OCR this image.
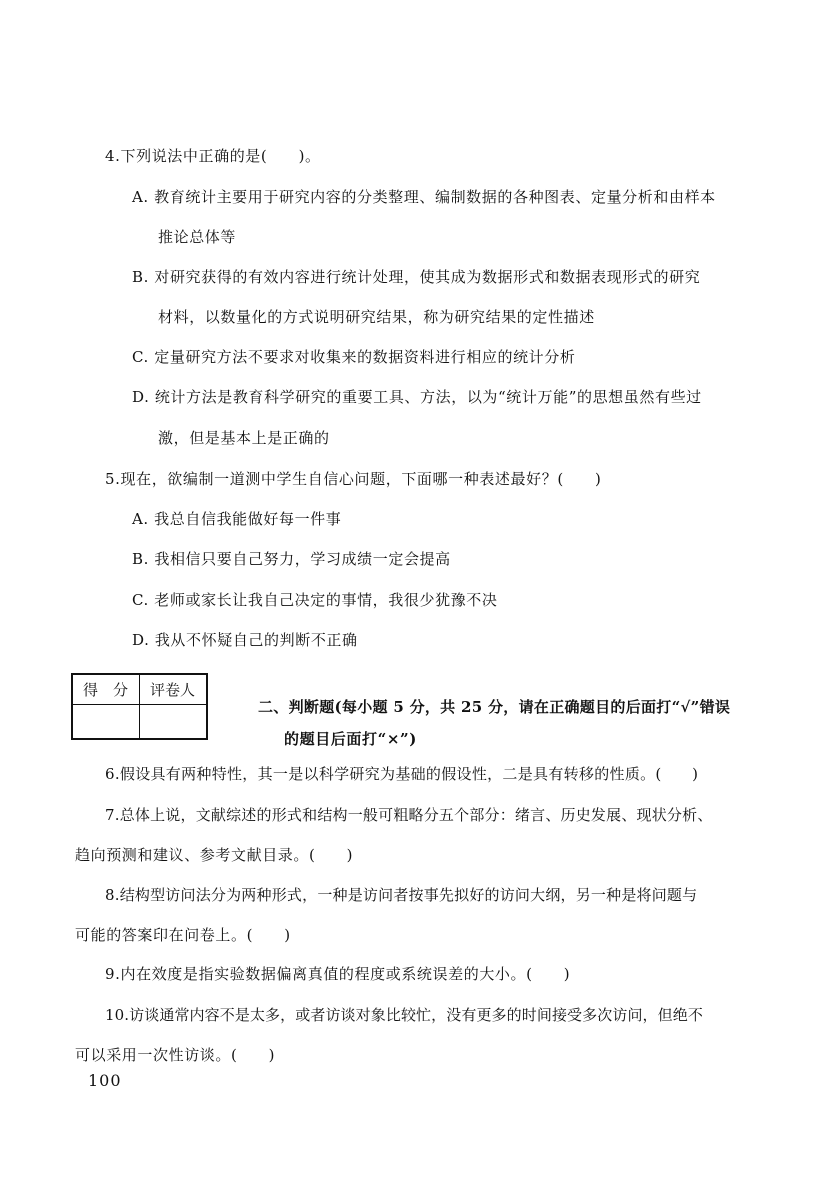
4.下列说法中正确的是(　　)。
A. 教育统计主要用于研究内容的分类整理、编制数据的各种图表、定量分析和由样本
推论总体等
B. 对研究获得的有效内容进行统计处理，使其成为数据形式和数据表现形式的研究
材料，以数量化的方式说明研究结果，称为研究结果的定性描述
C. 定量研究方法不要求对收集来的数据资料进行相应的统计分析
D. 统计方法是教育科学研究的重要工具、方法，以为“统计万能”的思想虽然有些过
激，但是基本上是正确的
5.现在，欲编制一道测中学生自信心问题，下面哪一种表述最好？(　　)
A. 我总自信我能做好每一件事
B. 我相信只要自己努力，学习成绩一定会提高
C. 老师或家长让我自己决定的事情，我很少犹豫不决
D. 我从不怀疑自己的判断不正确
得　分 评卷人
二、判断题(每小题 5 分，共 25 分，请在正确题目的后面打“√”错误
的题目后面打“×”)
6.假设具有两种特性，其一是以科学研究为基础的假设性，二是具有转移的性质。(　　)
7.总体上说，文献综述的形式和结构一般可粗略分五个部分：绪言、历史发展、现状分析、
趋向预测和建议、参考文献目录。(　　)
8.结构型访问法分为两种形式，一种是访问者按事先拟好的访问大纲，另一种是将问题与
可能的答案印在问卷上。(　　)
9.内在效度是指实验数据偏离真值的程度或系统误差的大小。(　　)
10.访谈通常内容不是太多，或者访谈对象比较忙，没有更多的时间接受多次访问，但绝不
可以采用一次性访谈。(　　)
100
